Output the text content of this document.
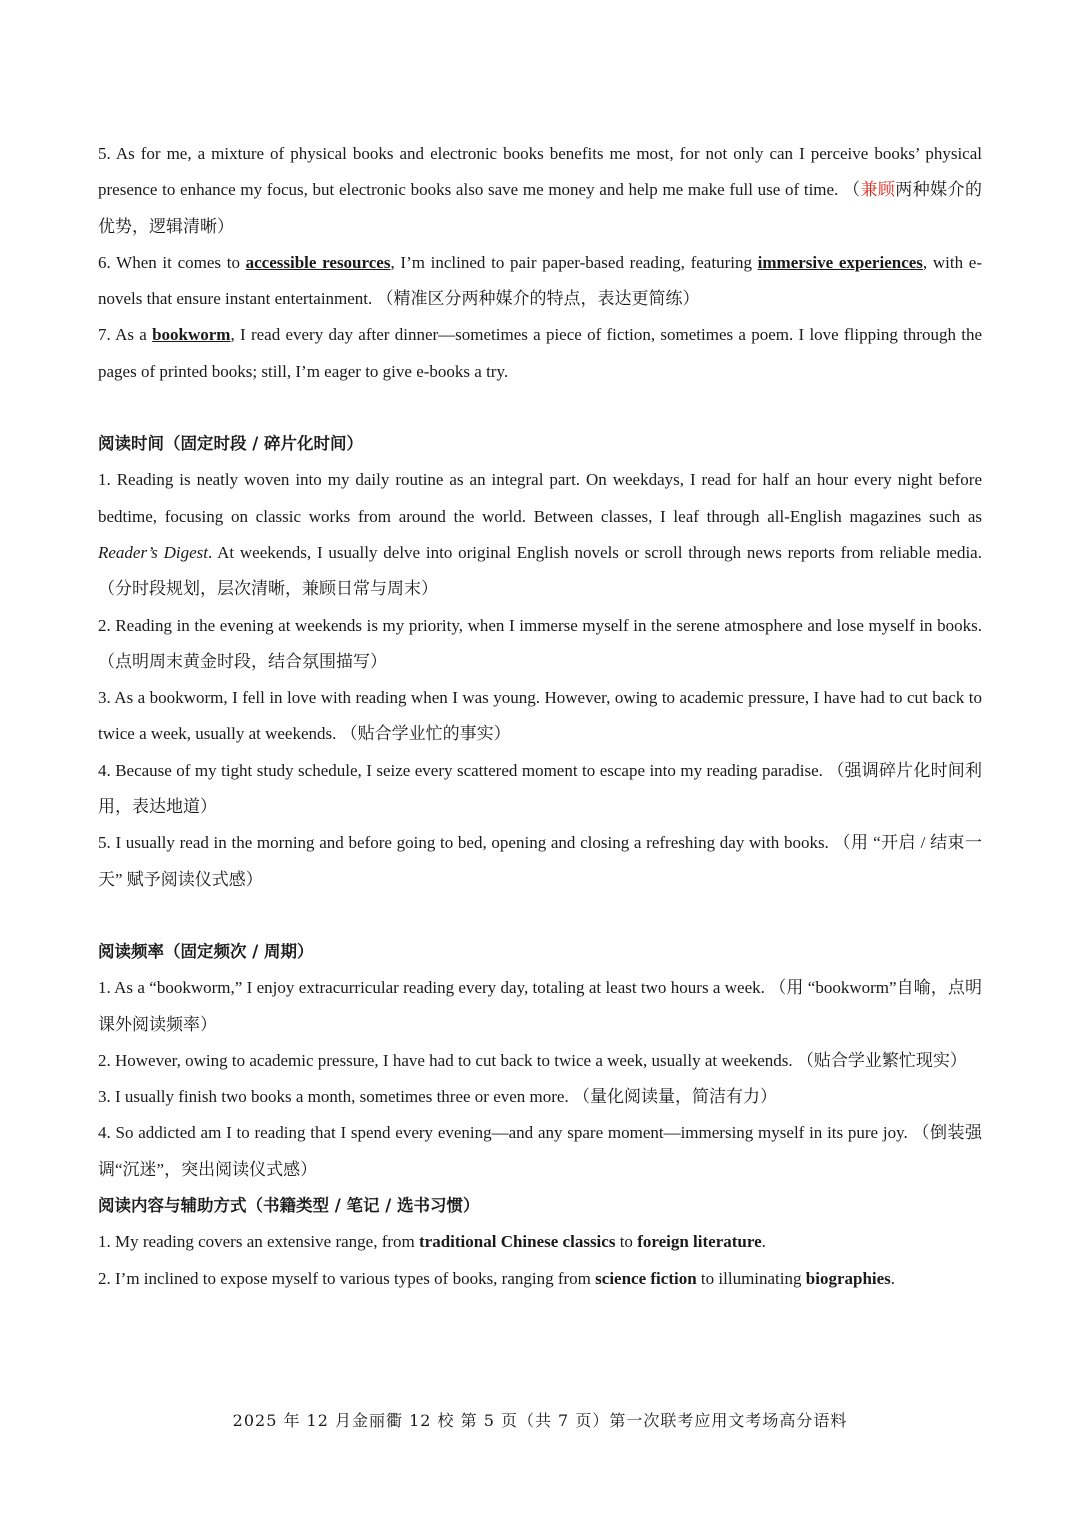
5. As for me, a mixture of physical books and electronic books benefits me most, for not only can I perceive books’ physical presence to enhance my focus, but electronic books also save me money and help me make full use of time. （兼顾两种媒介的优势，逻辑清晰）

6. When it comes to accessible resources, I’m inclined to pair paper-based reading, featuring immersive experiences, with e-novels that ensure instant entertainment. （精准区分两种媒介的特点，表达更简练）

7. As a bookworm, I read every day after dinner—sometimes a piece of fiction, sometimes a poem. I love flipping through the pages of printed books; still, I’m eager to give e-books a try.

阅读时间（固定时段 / 碎片化时间）

1. Reading is neatly woven into my daily routine as an integral part. On weekdays, I read for half an hour every night before bedtime, focusing on classic works from around the world. Between classes, I leaf through all-English magazines such as Reader’s Digest. At weekends, I usually delve into original English novels or scroll through news reports from reliable media. （分时段规划，层次清晰，兼顾日常与周末）

2. Reading in the evening at weekends is my priority, when I immerse myself in the serene atmosphere and lose myself in books. （点明周末黄金时段，结合氛围描写）

3. As a bookworm, I fell in love with reading when I was young. However, owing to academic pressure, I have had to cut back to twice a week, usually at weekends. （贴合学业忙的事实）

4. Because of my tight study schedule, I seize every scattered moment to escape into my reading paradise. （强调碎片化时间利用，表达地道）

5. I usually read in the morning and before going to bed, opening and closing a refreshing day with books. （用 “开启 / 结束一天” 赋予阅读仪式感）

阅读频率（固定频次 / 周期）

1. As a “bookworm,” I enjoy extracurricular reading every day, totaling at least two hours a week. （用 “bookworm”自喻，点明课外阅读频率）

2. However, owing to academic pressure, I have had to cut back to twice a week, usually at weekends. （贴合学业繁忙现实）

3. I usually finish two books a month, sometimes three or even more. （量化阅读量，简洁有力）

4. So addicted am I to reading that I spend every evening—and any spare moment—immersing myself in its pure joy. （倒装强调“沉迷”，突出阅读仪式感）

阅读内容与辅助方式（书籍类型 / 笔记 / 选书习惯）

1. My reading covers an extensive range, from traditional Chinese classics to foreign literature.

2. I’m inclined to expose myself to various types of books, ranging from science fiction to illuminating biographies.

2025 年 12 月金丽衢 12 校 第 5 页（共 7 页）第一次联考应用文考场高分语料
